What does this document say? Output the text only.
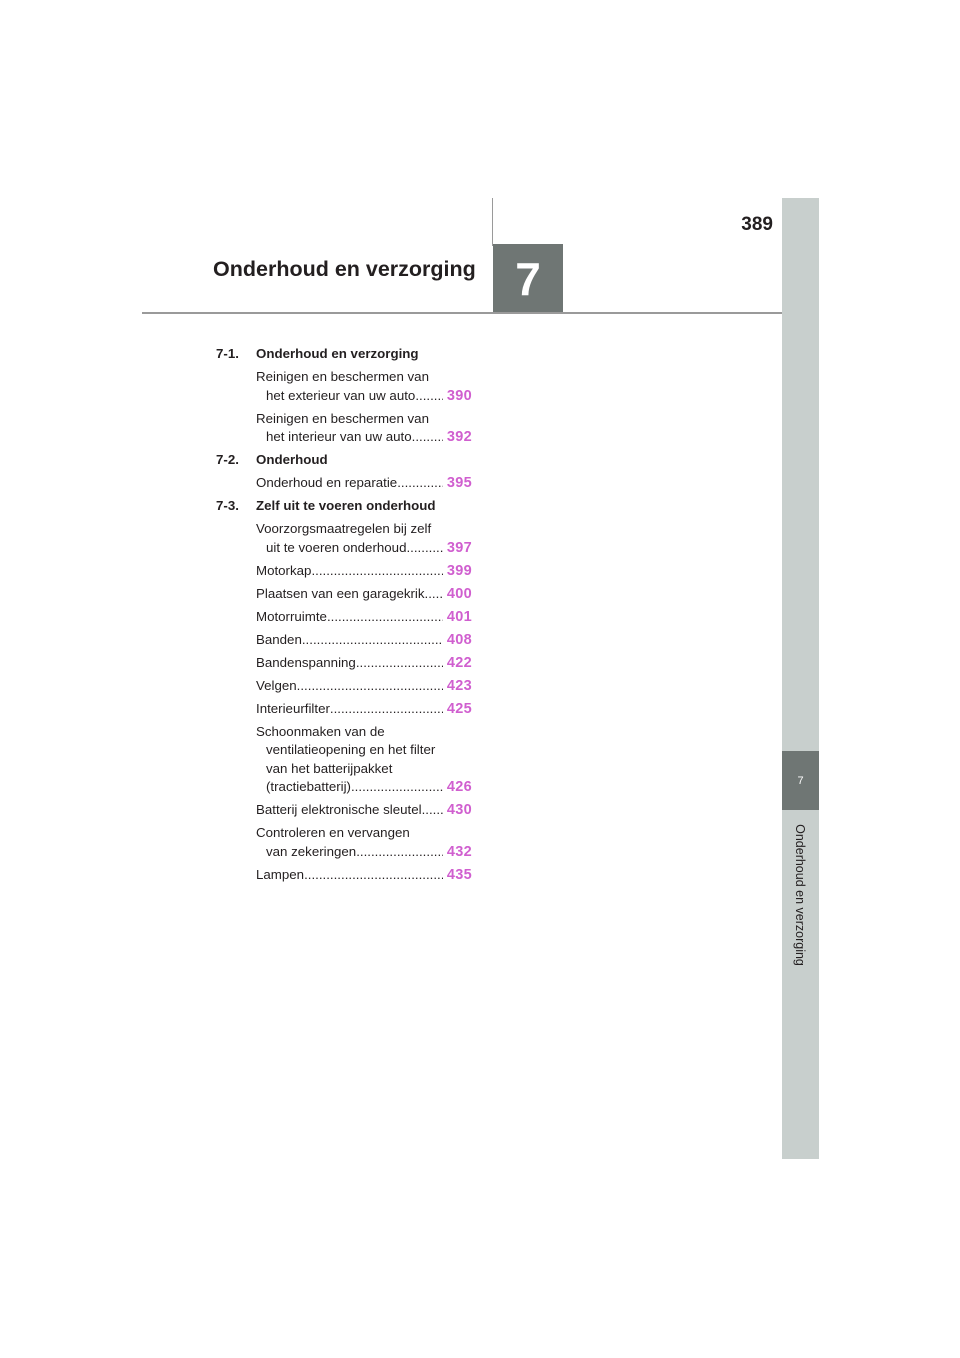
389
Onderhoud en verzorging 7
7
Onderhoud en verzorging
7-1. Onderhoud en verzorging
Reinigen en beschermen van
het exterieur van uw auto ..... 390
Reinigen en beschermen van
het interieur van uw auto ..... 392
7-2. Onderhoud
Onderhoud en reparatie .....	395
7-3. Zelf uit te voeren onderhoud
Voorzorgsmaatregelen bij zelf
uit te voeren onderhoud .....	397
Motorkap .....	399
Plaatsen van een garagekrik ..... 400
Motorruimte .....	401
Banden .....	408
Bandenspanning .....	422
Velgen .....	423
Interieurfilter .....	425
Schoonmaken van de
ventilatieopening en het filter
van het batterijpakket
(tractiebatterij) .....	426
Batterij elektronische sleutel ..... 430
Controleren en vervangen
van zekeringen .....	432
Lampen .....	435
